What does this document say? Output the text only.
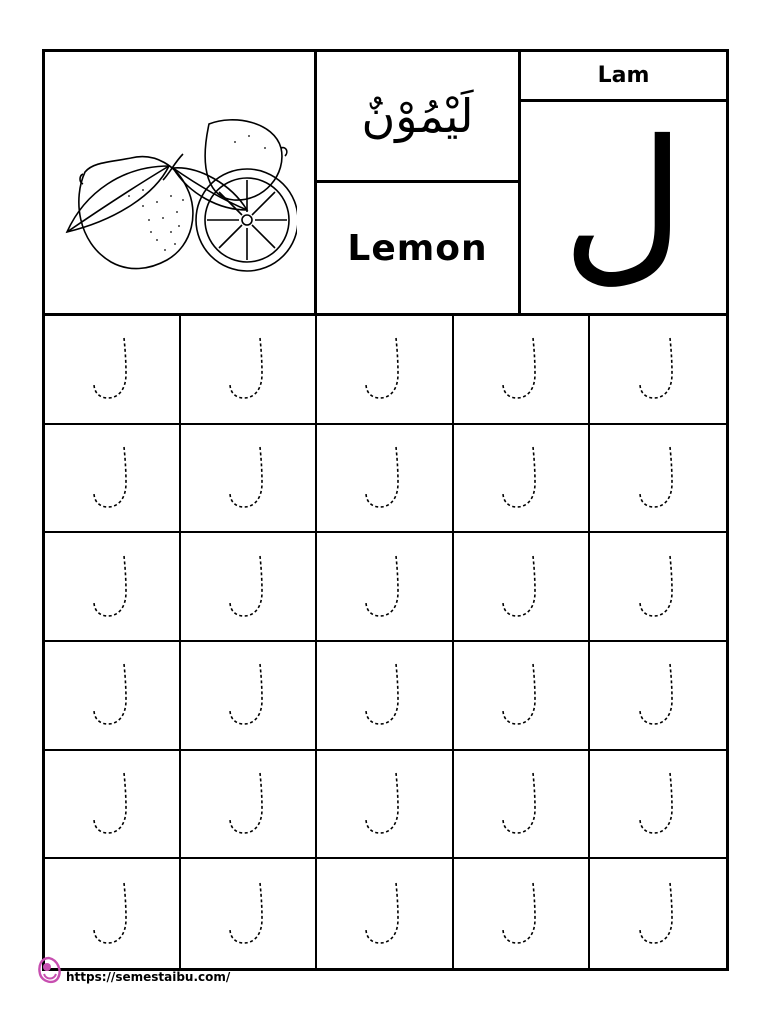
لَيْمُوْنٌ
Lemon
Lam
ل
https://semestaibu.com/
